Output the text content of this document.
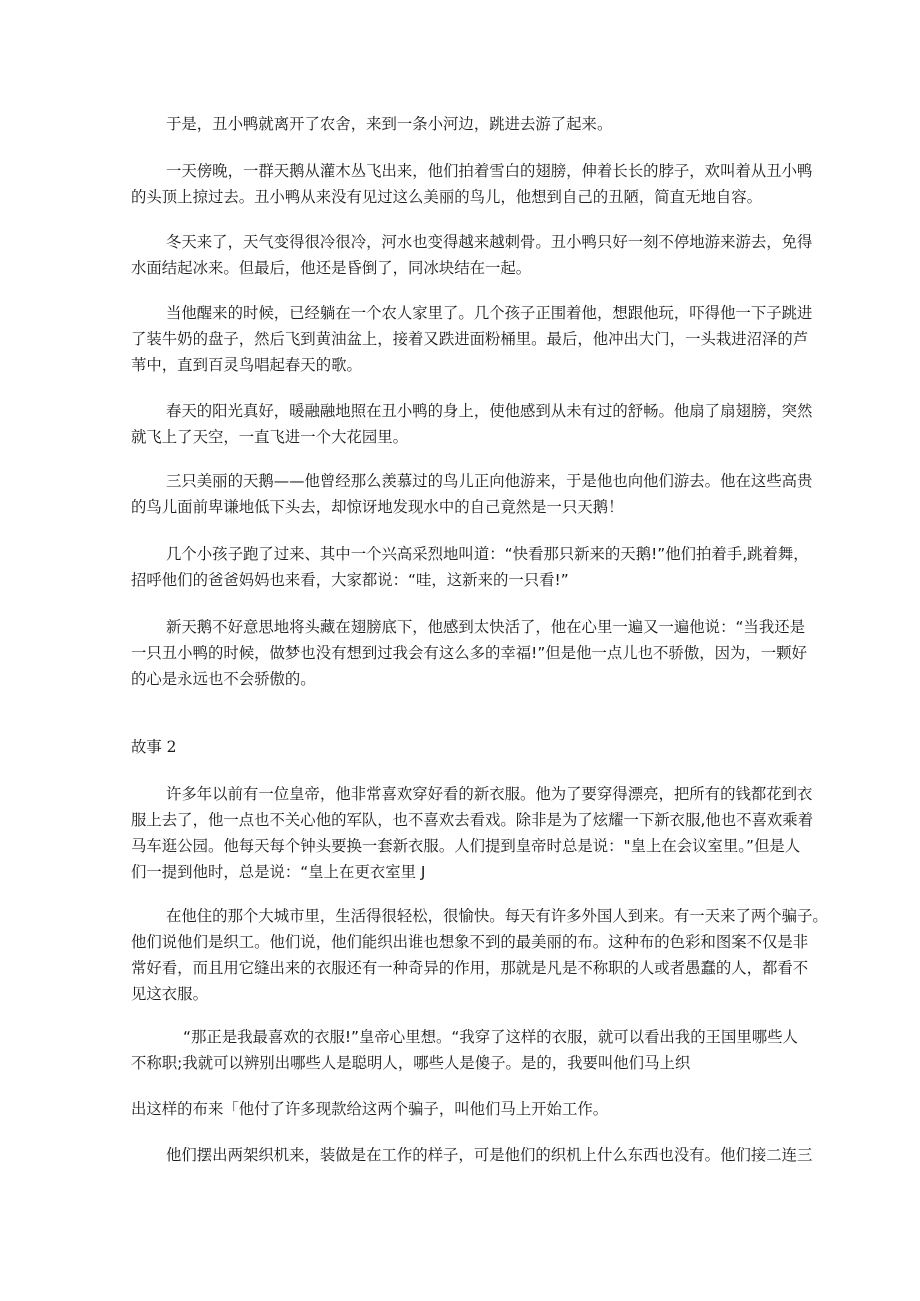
于是，丑小鸭就离开了农舍，来到一条小河边，跳进去游了起来。
一天傍晚，一群天鹅从灌木丛飞出来，他们拍着雪白的翅膀，伸着长长的脖子，欢叫着从丑小鸭
的头顶上掠过去。丑小鸭从来没有见过这么美丽的鸟儿，他想到自己的丑陋，简直无地自容。
冬天来了，天气变得很冷很冷，河水也变得越来越刺骨。丑小鸭只好一刻不停地游来游去，免得
水面结起冰来。但最后，他还是昏倒了，同冰块结在一起。
当他醒来的时候，已经躺在一个农人家里了。几个孩子正围着他，想跟他玩，吓得他一下子跳进
了装牛奶的盘子，然后飞到黄油盆上，接着又跌进面粉桶里。最后，他冲出大门，一头栽进沼泽的芦
苇中，直到百灵鸟唱起春天的歌。
春天的阳光真好，暖融融地照在丑小鸭的身上，使他感到从未有过的舒畅。他扇了扇翅膀，突然
就飞上了天空，一直飞进一个大花园里。
三只美丽的天鹅——他曾经那么羡慕过的鸟儿正向他游来，于是他也向他们游去。他在这些高贵
的鸟儿面前卑谦地低下头去，却惊讶地发现水中的自己竟然是一只天鹅！
几个小孩子跑了过来、其中一个兴高采烈地叫道：“快看那只新来的天鹅!”他们拍着手,跳着舞，
招呼他们的爸爸妈妈也来看，大家都说：“哇，这新来的一只看!”
新天鹅不好意思地将头藏在翅膀底下，他感到太快活了，他在心里一遍又一遍他说：“当我还是
一只丑小鸭的时候，做梦也没有想到过我会有这么多的幸福!”但是他一点儿也不骄傲，因为，一颗好
的心是永远也不会骄傲的。

故事 2

许多年以前有一位皇帝，他非常喜欢穿好看的新衣服。他为了要穿得漂亮，把所有的钱都花到衣
服上去了，他一点也不关心他的军队，也不喜欢去看戏。除非是为了炫耀一下新衣服,他也不喜欢乘着
马车逛公园。他每天每个钟头要换一套新衣服。人们提到皇帝时总是说："皇上在会议室里。”但是人
们一提到他时，总是说：“皇上在更衣室里 J
在他住的那个大城市里，生活得很轻松，很愉快。每天有许多外国人到来。有一天来了两个骗子。
他们说他们是织工。他们说，他们能织出谁也想象不到的最美丽的布。这种布的色彩和图案不仅是非
常好看，而且用它缝出来的衣服还有一种奇异的作用，那就是凡是不称职的人或者愚蠢的人，都看不
见这衣服。
“那正是我最喜欢的衣服!”皇帝心里想。“我穿了这样的衣服，就可以看出我的王国里哪些人
不称职;我就可以辨别出哪些人是聪明人，哪些人是傻子。是的，我要叫他们马上织
出这样的布来「他付了许多现款给这两个骗子，叫他们马上开始工作。
他们摆出两架织机来，装做是在工作的样子，可是他们的织机上什么东西也没有。他们接二连三
